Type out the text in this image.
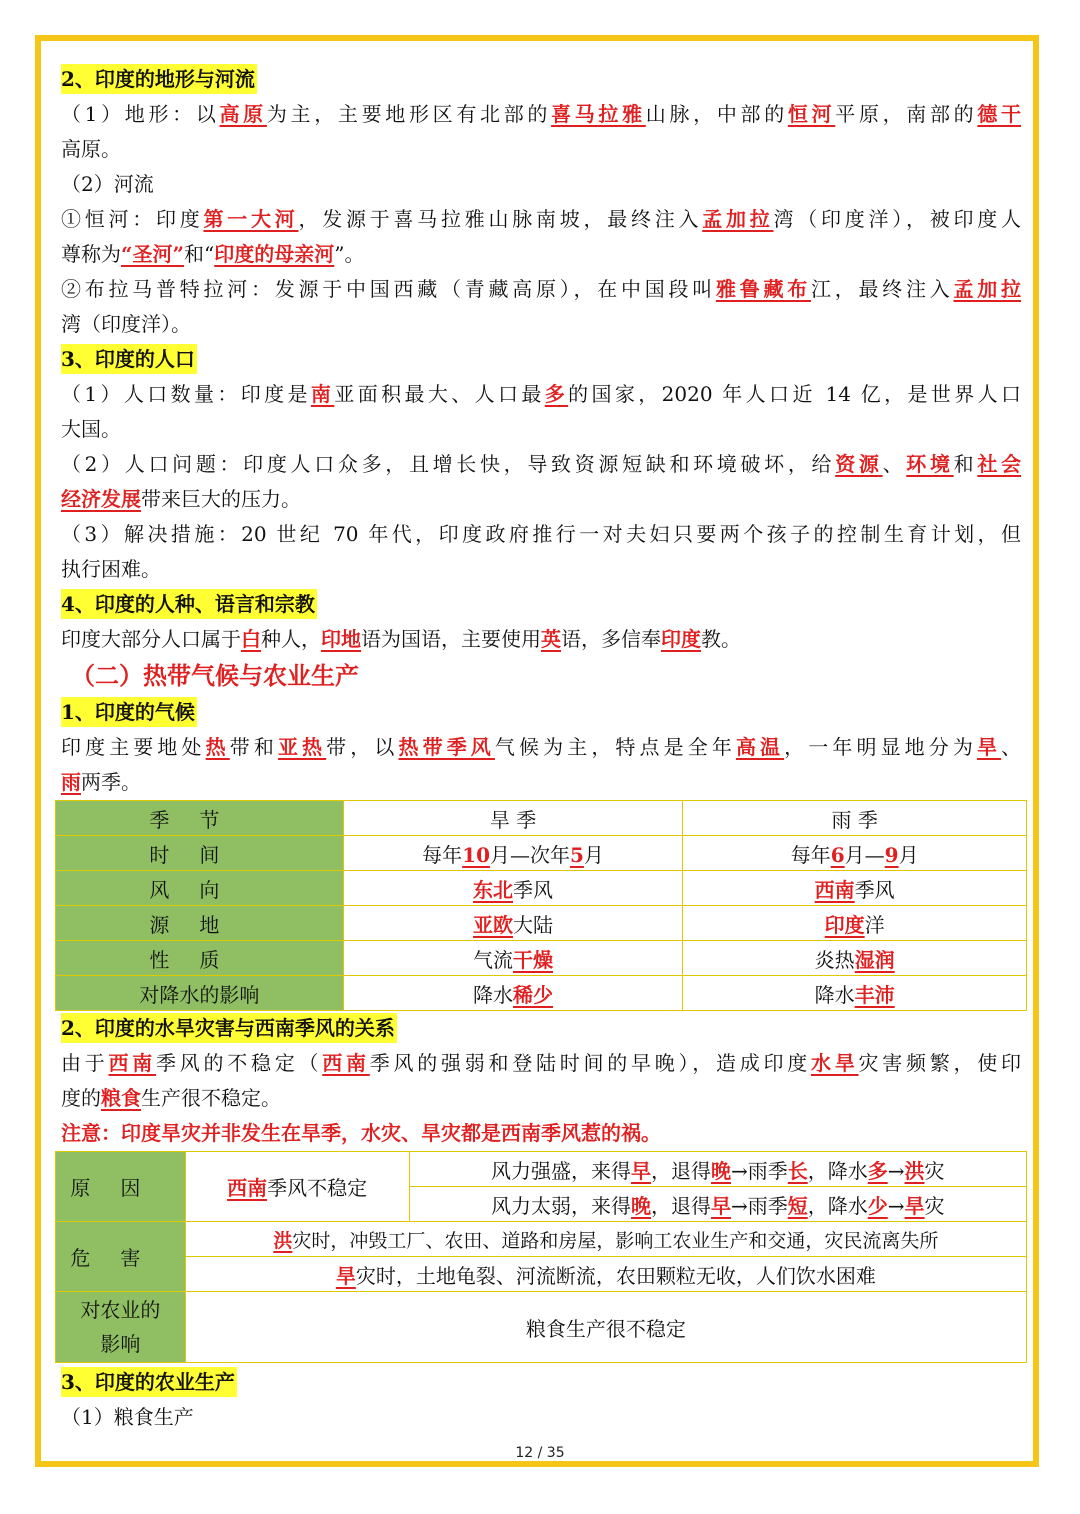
2、印度的地形与河流
（1）地形：以高原为主，主要地形区有北部的喜马拉雅山脉，中部的恒河平原，南部的德干
高原。
（2）河流
①恒河：印度第一大河，发源于喜马拉雅山脉南坡，最终注入孟加拉湾（印度洋），被印度人
尊称为“圣河”和“印度的母亲河”。
②布拉马普特拉河：发源于中国西藏（青藏高原），在中国段叫雅鲁藏布江，最终注入孟加拉
湾（印度洋）。
3、印度的人口
（1）人口数量：印度是南亚面积最大、人口最多的国家，2020 年人口近 14 亿，是世界人口
大国。
（2）人口问题：印度人口众多，且增长快，导致资源短缺和环境破坏，给资源、环境和社会
经济发展带来巨大的压力。
（3）解决措施：20 世纪 70 年代，印度政府推行一对夫妇只要两个孩子的控制生育计划，但
执行困难。
4、印度的人种、语言和宗教
印度大部分人口属于白种人，印地语为国语，主要使用英语，多信奉印度教。
（二）热带气候与农业生产
1、印度的气候
印度主要地处热带和亚热带，以热带季风气候为主，特点是全年高温，一年明显地分为旱、
雨两季。
季节	旱 季	雨 季
时间	每年10月—次年5月	每年6月—9月
风向	东北季风	西南季风
源地	亚欧大陆	印度洋
性质	气流干燥	炎热湿润
对降水的影响	降水稀少	降水丰沛
2、印度的水旱灾害与西南季风的关系
由于西南季风的不稳定（西南季风的强弱和登陆时间的早晚），造成印度水旱灾害频繁，使印
度的粮食生产很不稳定。
注意：印度旱灾并非发生在旱季，水灾、旱灾都是西南季风惹的祸。
原因	西南季风不稳定	风力强盛，来得早，退得晚→雨季长，降水多→洪灾
		风力太弱，来得晚，退得早→雨季短，降水少→旱灾
危害	洪灾时，冲毁工厂、农田、道路和房屋，影响工农业生产和交通，灾民流离失所	
	旱灾时，土地龟裂、河流断流，农田颗粒无收，人们饮水困难	
对农业的
影响	粮食生产很不稳定	
3、印度的农业生产
（1）粮食生产
12 / 35
